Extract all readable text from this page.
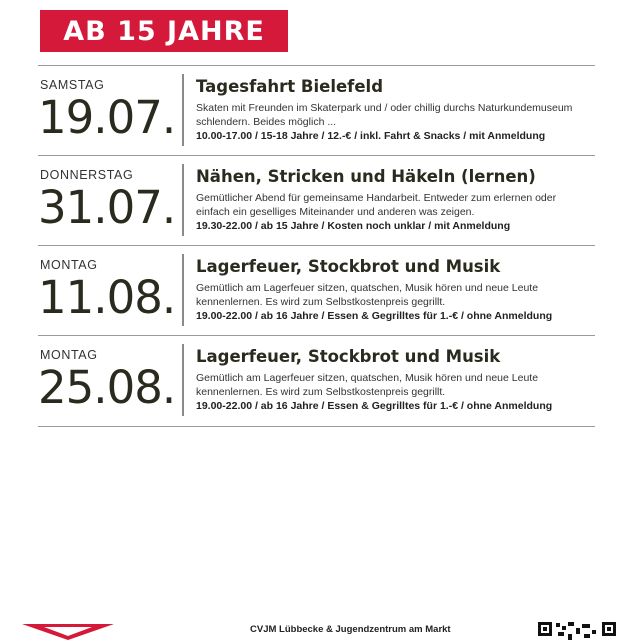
AB 15 JAHRE
SAMSTAG
19.07.
Tagesfahrt Bielefeld
Skaten mit Freunden im Skaterpark und / oder chillig durchs Naturkundemuseum schlendern. Beides möglich ...
10.00-17.00 / 15-18 Jahre / 12.-€ / inkl. Fahrt & Snacks / mit Anmeldung
DONNERSTAG
31.07.
Nähen, Stricken und Häkeln (lernen)
Gemütlicher Abend für gemeinsame Handarbeit. Entweder zum erlernen oder einfach ein geselliges Miteinander und anderen was zeigen.
19.30-22.00 / ab 15 Jahre / Kosten noch unklar / mit Anmeldung
MONTAG
11.08.
Lagerfeuer, Stockbrot und Musik
Gemütlich am Lagerfeuer sitzen, quatschen, Musik hören und neue Leute kennenlernen. Es wird zum Selbstkostenpreis gegrillt.
19.00-22.00 / ab 16 Jahre / Essen & Gegrilltes für 1.-€ / ohne Anmeldung
MONTAG
25.08.
Lagerfeuer, Stockbrot und Musik
Gemütlich am Lagerfeuer sitzen, quatschen, Musik hören und neue Leute kennenlernen. Es wird zum Selbstkostenpreis gegrillt.
19.00-22.00 / ab 16 Jahre / Essen & Gegrilltes für 1.-€ / ohne Anmeldung
CVJM Lübbecke & Jugendzentrum am Markt
